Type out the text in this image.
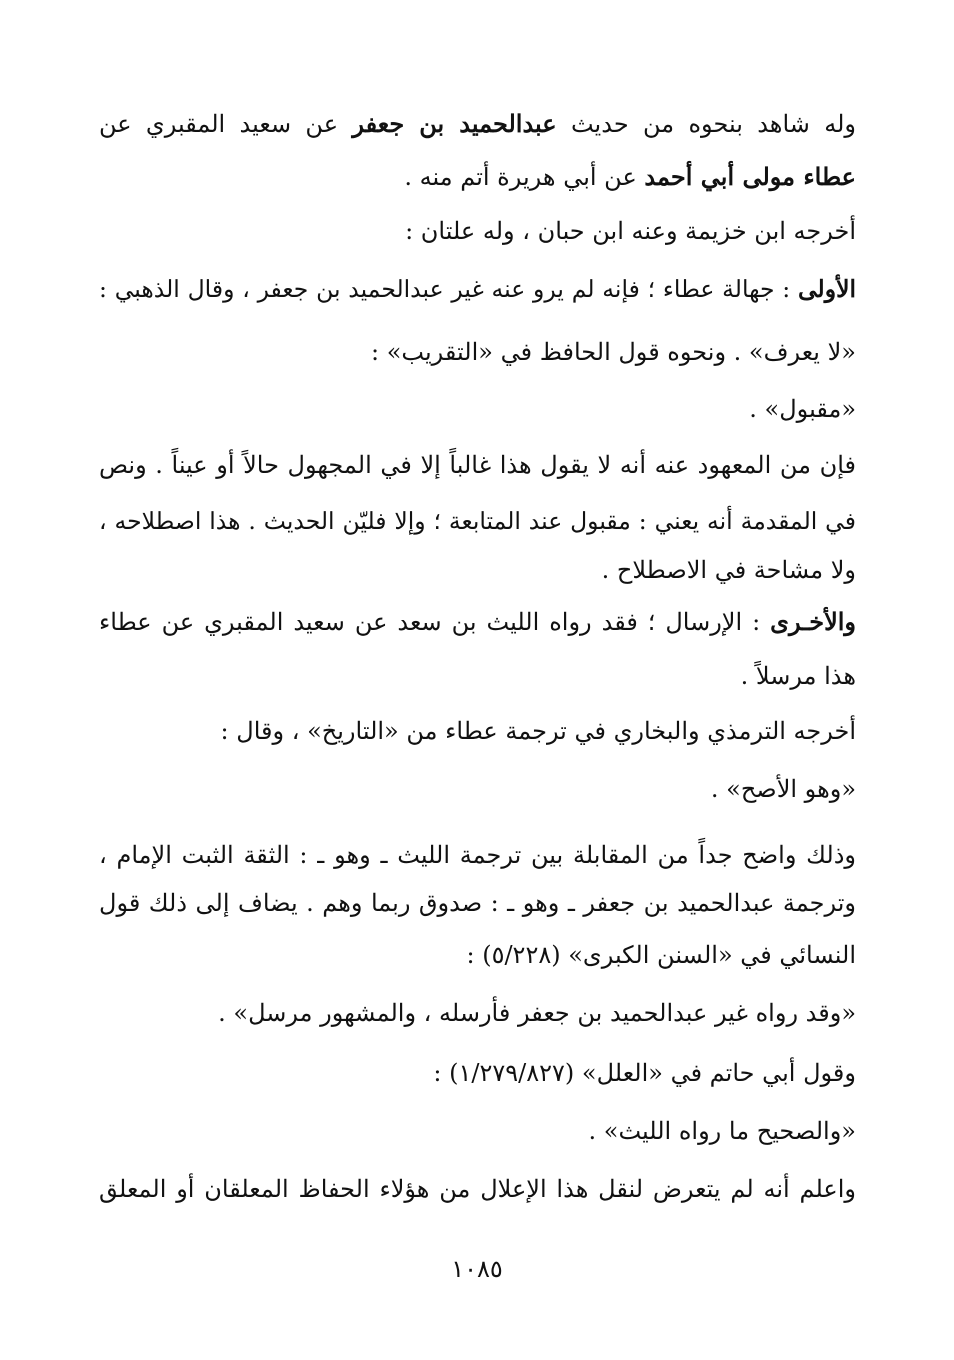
وله شاهد بنحوه من حديث عبدالحميد بن جعفر عن سعيد المقبري عن
عطاء مولى أبي أحمد عن أبي هريرة أتم منه .
أخرجه ابن خزيمة وعنه ابن حبان ، وله علتان :
الأولى : جهالة عطاء ؛ فإنه لم يرو عنه غير عبدالحميد بن جعفر ، وقال الذهبي :
«لا يعرف» . ونحوه قول الحافظ في «التقريب» :
«مقبول» .
فإن من المعهود عنه أنه لا يقول هذا غالباً إلا في المجهول حالاً أو عيناً . ونص
في المقدمة أنه يعني : مقبول عند المتابعة ؛ وإلا فليّن الحديث . هذا اصطلاحه ،
ولا مشاحة في الاصطلاح .
والأخـرى : الإرسال ؛ فقد رواه الليث بن سعد عن سعيد المقبري عن عطاء
هذا مرسلاً .
أخرجه الترمذي والبخاري في ترجمة عطاء من «التاريخ» ، وقال :
«وهو الأصح» .
وذلك واضح جداً من المقابلة بين ترجمة الليث ـ وهو ـ : الثقة الثبت الإمام ،
وترجمة عبدالحميد بن جعفر ـ وهو ـ : صدوق ربما وهم . يضاف إلى ذلك قول
النسائي في «السنن الكبرى» (٥/٢٢٨) :
«وقد رواه غير عبدالحميد بن جعفر فأرسله ، والمشهور مرسل» .
وقول أبي حاتم في «العلل» (١/٢٧٩/٨٢٧) :
«والصحيح ما رواه الليث» .
واعلم أنه لم يتعرض لنقل هذا الإعلال من هؤلاء الحفاظ المعلقان أو المعلق
١٠٨٥
